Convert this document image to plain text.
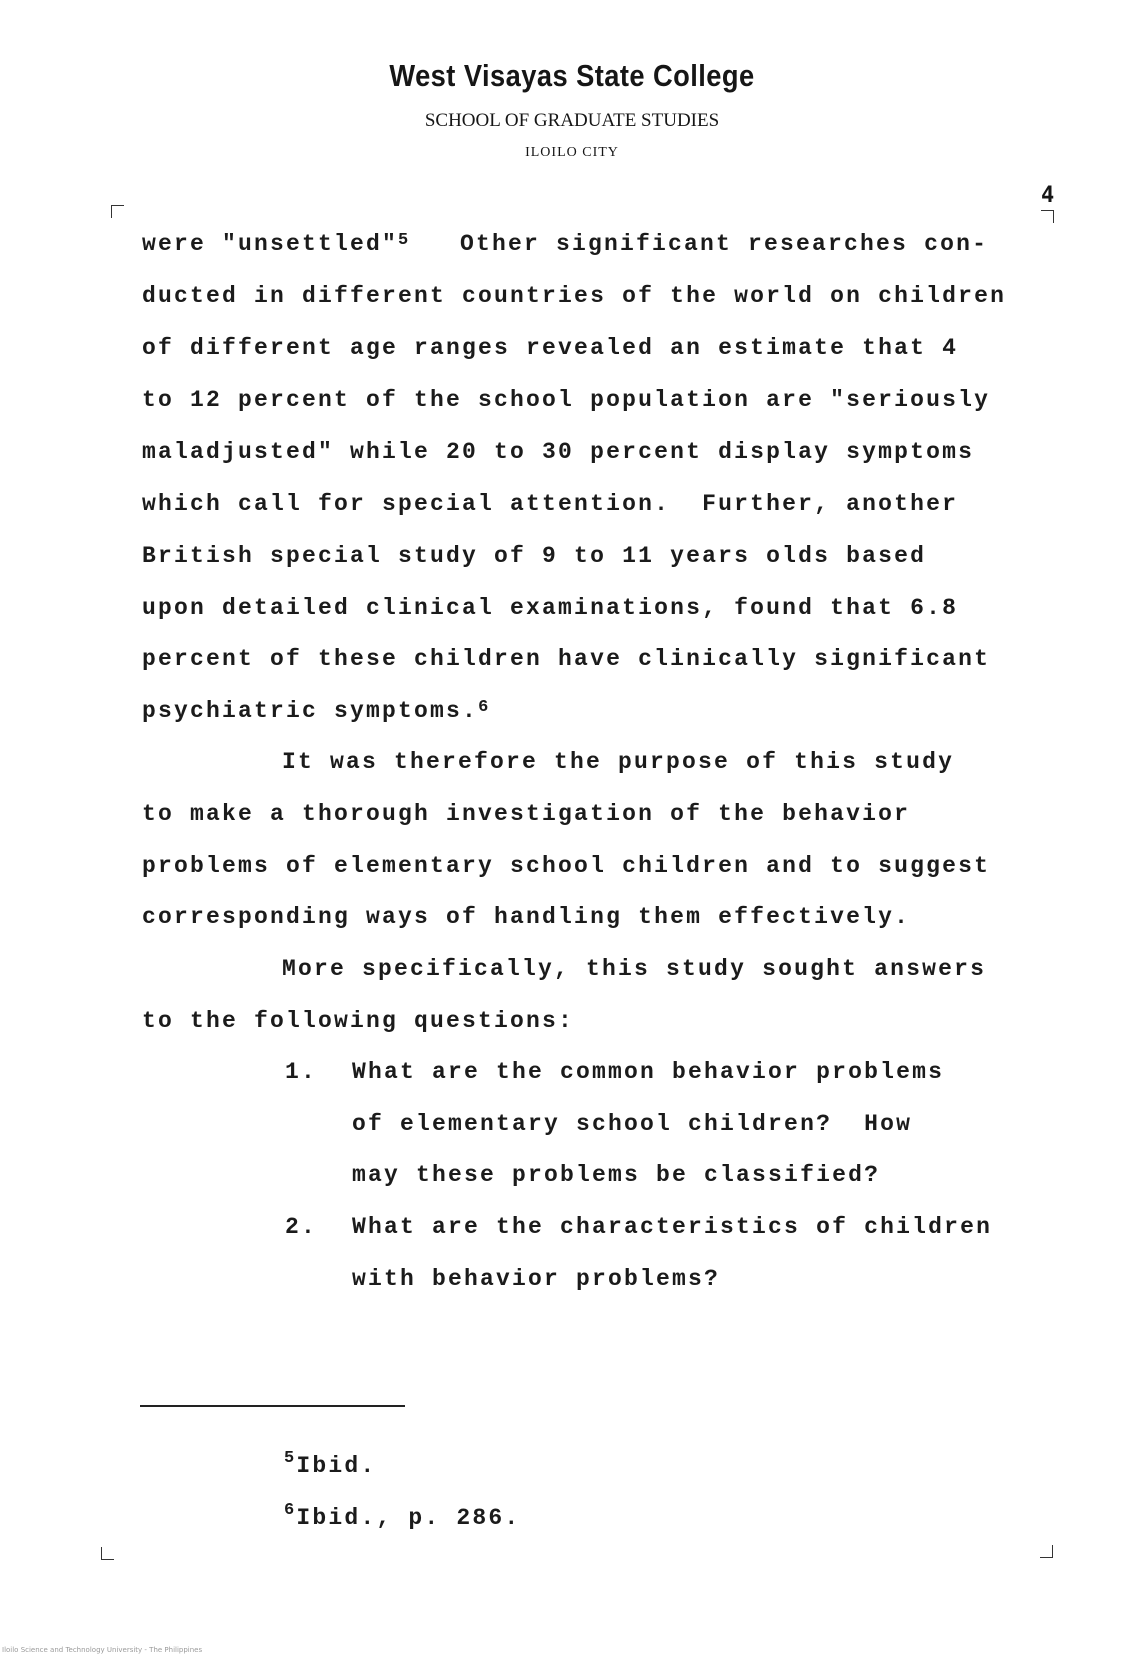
West Visayas State College
SCHOOL OF GRADUATE STUDIES
ILOILO CITY
4
were "unsettled"$^5$ Other significant researches con-
ducted in different countries of the world on children
of different age ranges revealed an estimate that 4
to 12 percent of the school population are "seriously
maladjusted" while 20 to 30 percent display symptoms
which call for special attention.  Further, another
British special study of 9 to 11 years olds based
upon detailed clinical examinations, found that 6.8
percent of these children have clinically significant
psychiatric symptoms.$^6$
It was therefore the purpose of this study
to make a thorough investigation of the behavior
problems of elementary school children and to suggest
corresponding ways of handling them effectively.
More specifically, this study sought answers
to the following questions:
1. What are the common behavior problems
of elementary school children?  How
may these problems be classified?
2. What are the characteristics of children
with behavior problems?
$^5$Ibid.
$^6$Ibid., p. 286.
Iloilo Science and Technology University - The Philippines
